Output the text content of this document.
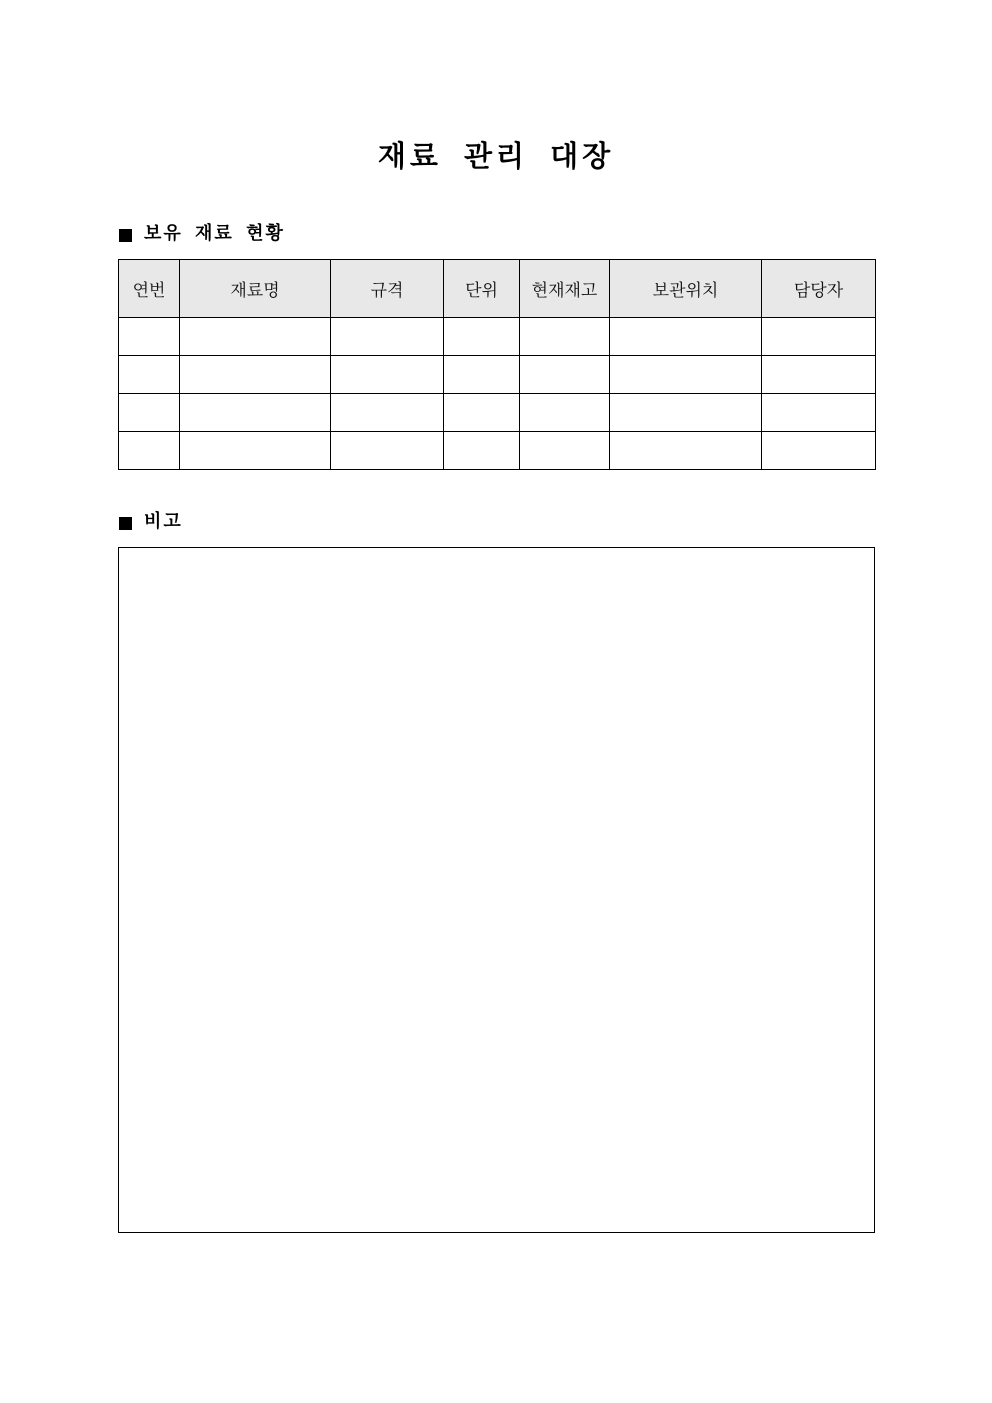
재료 관리 대장
보유 재료 현황
연번	재료명	규격	단위	현재재고	보관위치	담당자

비고
